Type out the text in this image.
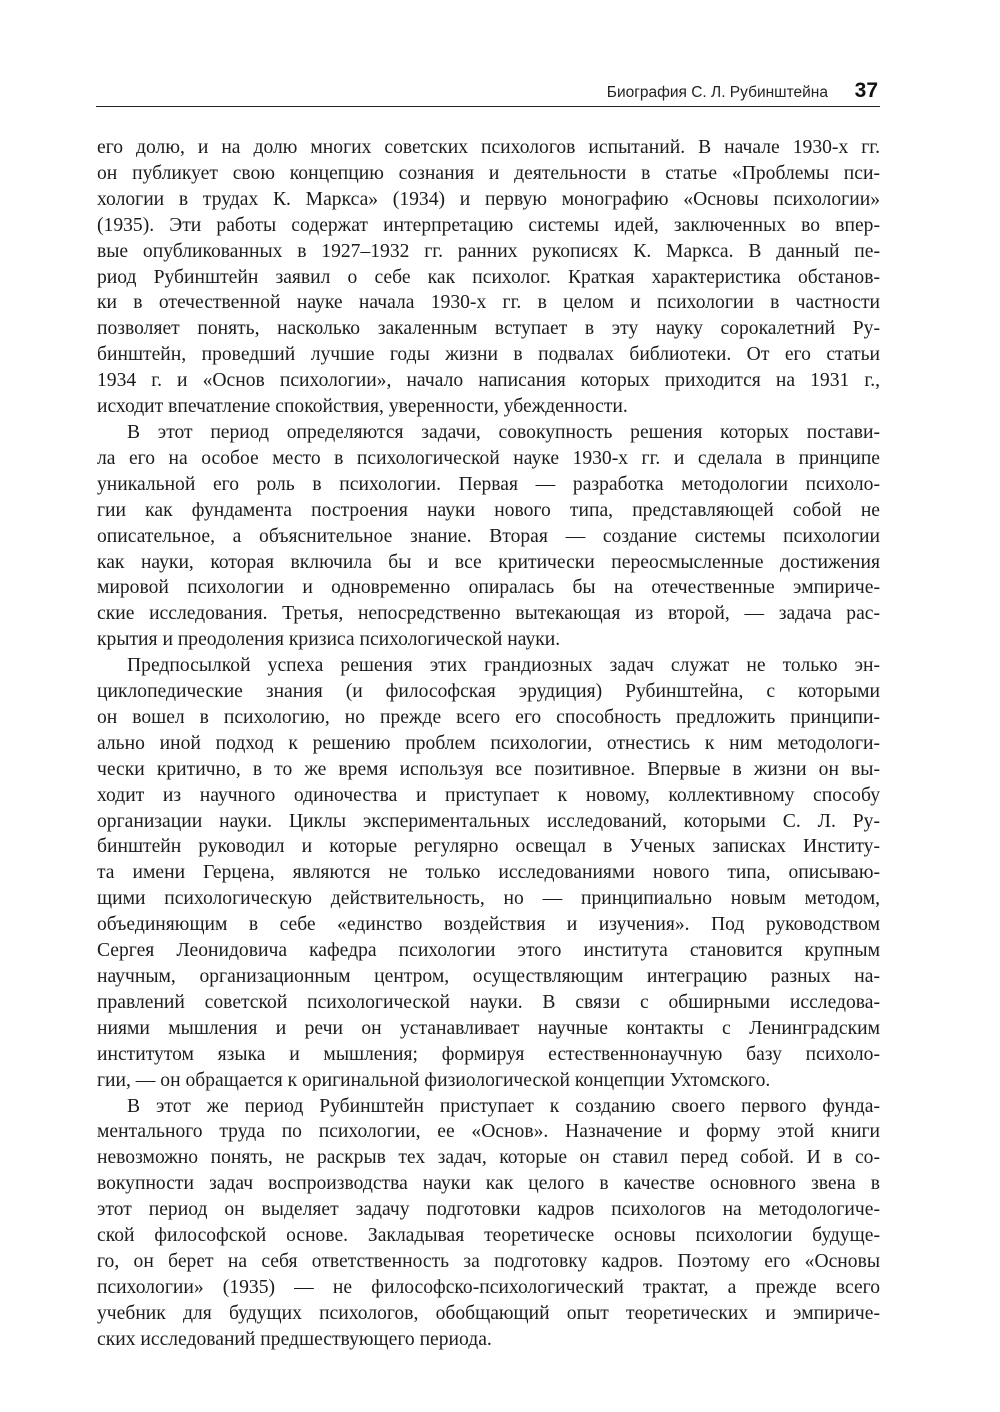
Биография С. Л. Рубинштейна 37
его долю, и на долю многих советских психологов испытаний. В начале 1930-х гг.
он публикует свою концепцию сознания и деятельности в статье «Проблемы пси-
хологии в трудах К. Маркса» (1934) и первую монографию «Основы психологии»
(1935). Эти работы содержат интерпретацию системы идей, заключенных во впер-
вые опубликованных в 1927–1932 гг. ранних рукописях К. Маркса. В данный пе-
риод Рубинштейн заявил о себе как психолог. Краткая характеристика обстанов-
ки в отечественной науке начала 1930-х гг. в целом и психологии в частности
позволяет понять, насколько закаленным вступает в эту науку сорокалетний Ру-
бинштейн, проведший лучшие годы жизни в подвалах библиотеки. От его статьи
1934 г. и «Основ психологии», начало написания которых приходится на 1931 г.,
исходит впечатление спокойствия, уверенности, убежденности.
В этот период определяются задачи, совокупность решения которых постави-
ла его на особое место в психологической науке 1930-х гг. и сделала в принципе
уникальной его роль в психологии. Первая — разработка методологии психоло-
гии как фундамента построения науки нового типа, представляющей собой не
описательное, а объяснительное знание. Вторая — создание системы психологии
как науки, которая включила бы и все критически переосмысленные достижения
мировой психологии и одновременно опиралась бы на отечественные эмпириче-
ские исследования. Третья, непосредственно вытекающая из второй, — задача рас-
крытия и преодоления кризиса психологической науки.
Предпосылкой успеха решения этих грандиозных задач служат не только эн-
циклопедические знания (и философская эрудиция) Рубинштейна, с которыми
он вошел в психологию, но прежде всего его способность предложить принципи-
ально иной подход к решению проблем психологии, отнестись к ним методологи-
чески критично, в то же время используя все позитивное. Впервые в жизни он вы-
ходит из научного одиночества и приступает к новому, коллективному способу
организации науки. Циклы экспериментальных исследований, которыми С. Л. Ру-
бинштейн руководил и которые регулярно освещал в Ученых записках Институ-
та имени Герцена, являются не только исследованиями нового типа, описываю-
щими психологическую действительность, но — принципиально новым методом,
объединяющим в себе «единство воздействия и изучения». Под руководством
Сергея Леонидовича кафедра психологии этого института становится крупным
научным, организационным центром, осуществляющим интеграцию разных на-
правлений советской психологической науки. В связи с обширными исследова-
ниями мышления и речи он устанавливает научные контакты с Ленинградским
институтом языка и мышления; формируя естественнонаучную базу психоло-
гии, — он обращается к оригинальной физиологической концепции Ухтомского.
В этот же период Рубинштейн приступает к созданию своего первого фунда-
ментального труда по психологии, ее «Основ». Назначение и форму этой книги
невозможно понять, не раскрыв тех задач, которые он ставил перед собой. И в со-
вокупности задач воспроизводства науки как целого в качестве основного звена в
этот период он выделяет задачу подготовки кадров психологов на методологиче-
ской философской основе. Закладывая теоретическе основы психологии будуще-
го, он берет на себя ответственность за подготовку кадров. Поэтому его «Основы
психологии» (1935) — не философско-психологический трактат, а прежде всего
учебник для будущих психологов, обобщающий опыт теоретических и эмпириче-
ских исследований предшествующего периода.
